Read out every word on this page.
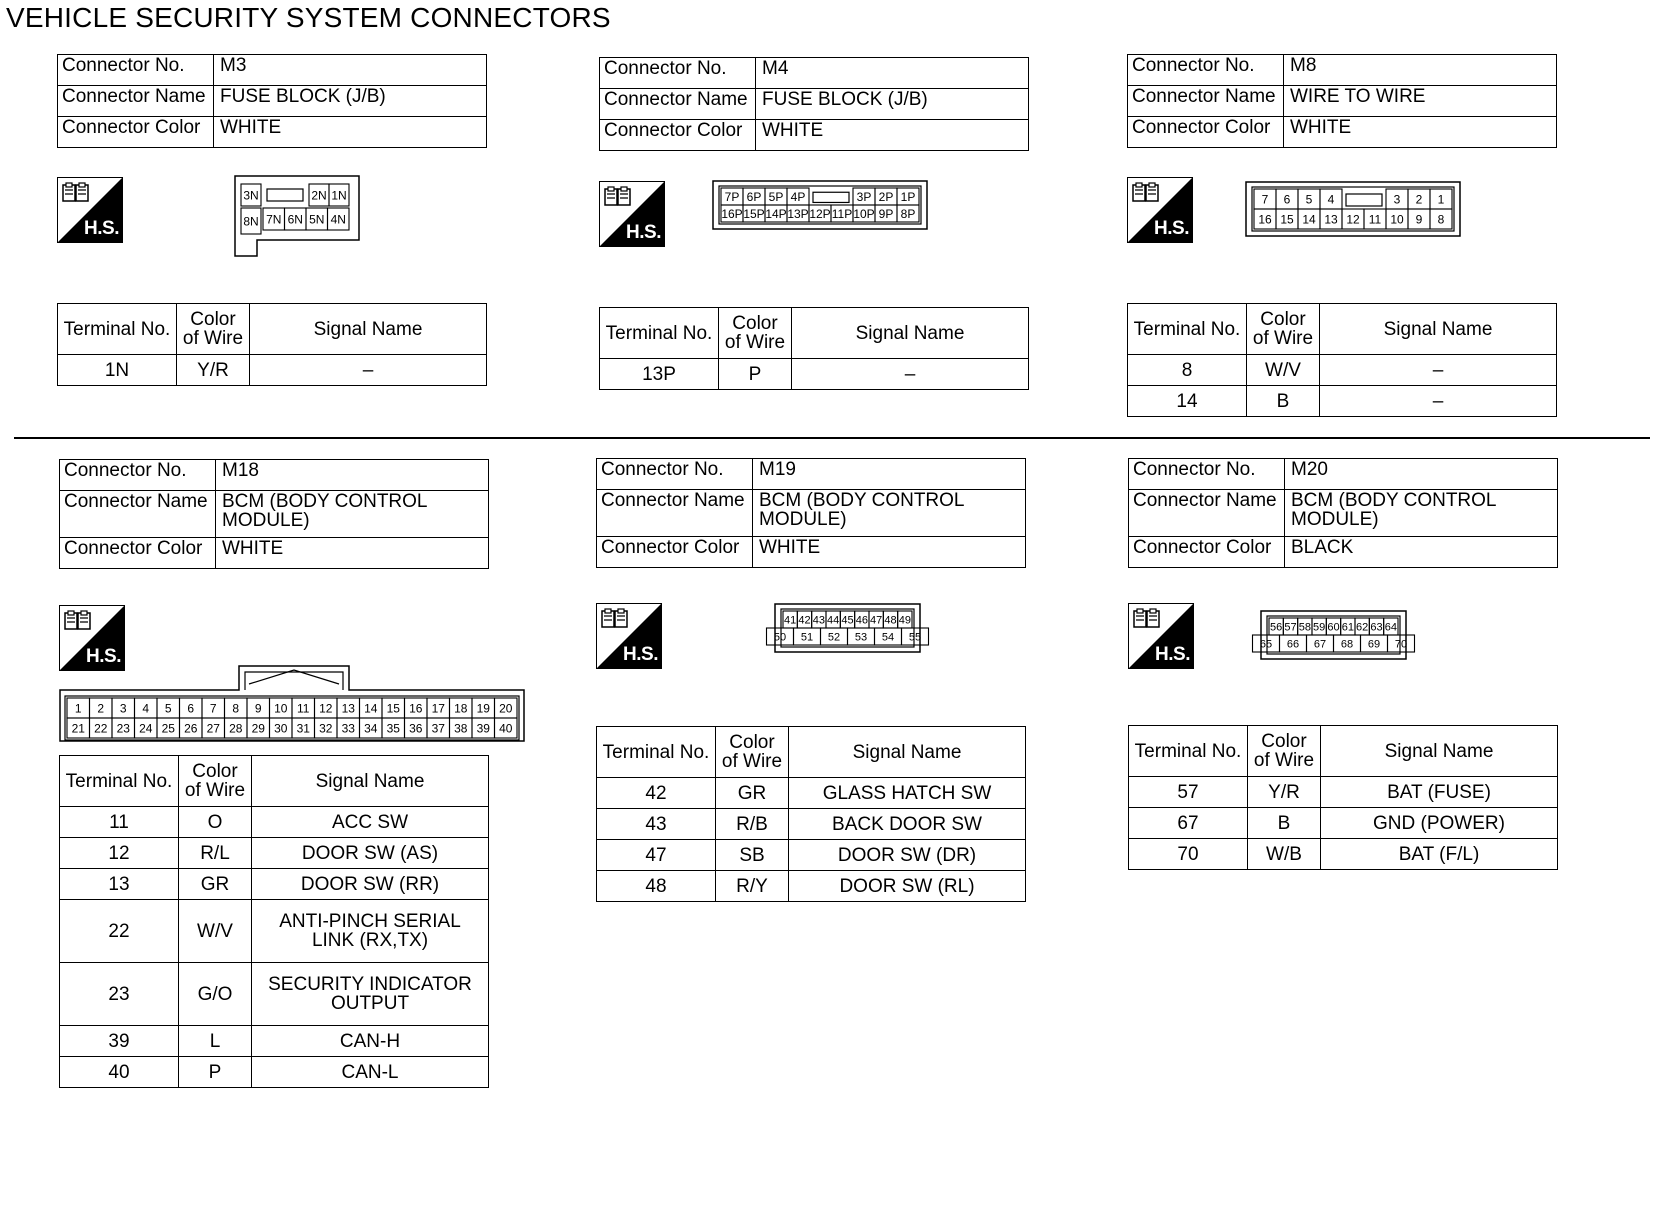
VEHICLE SECURITY SYSTEM CONNECTORS
Connector No.	M3
Connector Name	FUSE BLOCK (J/B)
Connector Color	WHITE
H.S.
3N	2N 1N
8N 7N 6N 5N 4N
Terminal No.	Color of Wire	Signal Name
1N	Y/R	–
Connector No.	M4
Connector Name	FUSE BLOCK (J/B)
Connector Color	WHITE
H.S.
7P 6P 5P 4P	3P 2P 1P
16P 15P 14P 13P 12P 11P 10P 9P 8P
Terminal No.	Color of Wire	Signal Name
13P	P	–
Connector No.	M8
Connector Name	WIRE TO WIRE
Connector Color	WHITE
H.S.
7 6 5 4	3 2 1
16 15 14 13 12 11 10 9 8
Terminal No.	Color of Wire	Signal Name
8	W/V	–
14	B	–
Connector No.	M18
Connector Name	BCM (BODY CONTROL MODULE)
Connector Color	WHITE
H.S.
1 2 3 4 5 6 7 8 9 10 11 12 13 14 15 16 17 18 19 20
21 22 23 24 25 26 27 28 29 30 31 32 33 34 35 36 37 38 39 40
Terminal No.	Color of Wire	Signal Name
11	O	ACC SW
12	R/L	DOOR SW (AS)
13	GR	DOOR SW (RR)
22	W/V	ANTI-PINCH SERIAL LINK (RX,TX)
23	G/O	SECURITY INDICATOR OUTPUT
39	L	CAN-H
40	P	CAN-L
Connector No.	M19
Connector Name	BCM (BODY CONTROL MODULE)
Connector Color	WHITE
H.S.
41 42 43 44 45 46 47 48 49
50 51 52 53 54 55
Terminal No.	Color of Wire	Signal Name
42	GR	GLASS HATCH SW
43	R/B	BACK DOOR SW
47	SB	DOOR SW (DR)
48	R/Y	DOOR SW (RL)
Connector No.	M20
Connector Name	BCM (BODY CONTROL MODULE)
Connector Color	BLACK
H.S.
56 57 58 59 60 61 62 63 64
65 66 67 68 69 70
Terminal No.	Color of Wire	Signal Name
57	Y/R	BAT (FUSE)
67	B	GND (POWER)
70	W/B	BAT (F/L)
